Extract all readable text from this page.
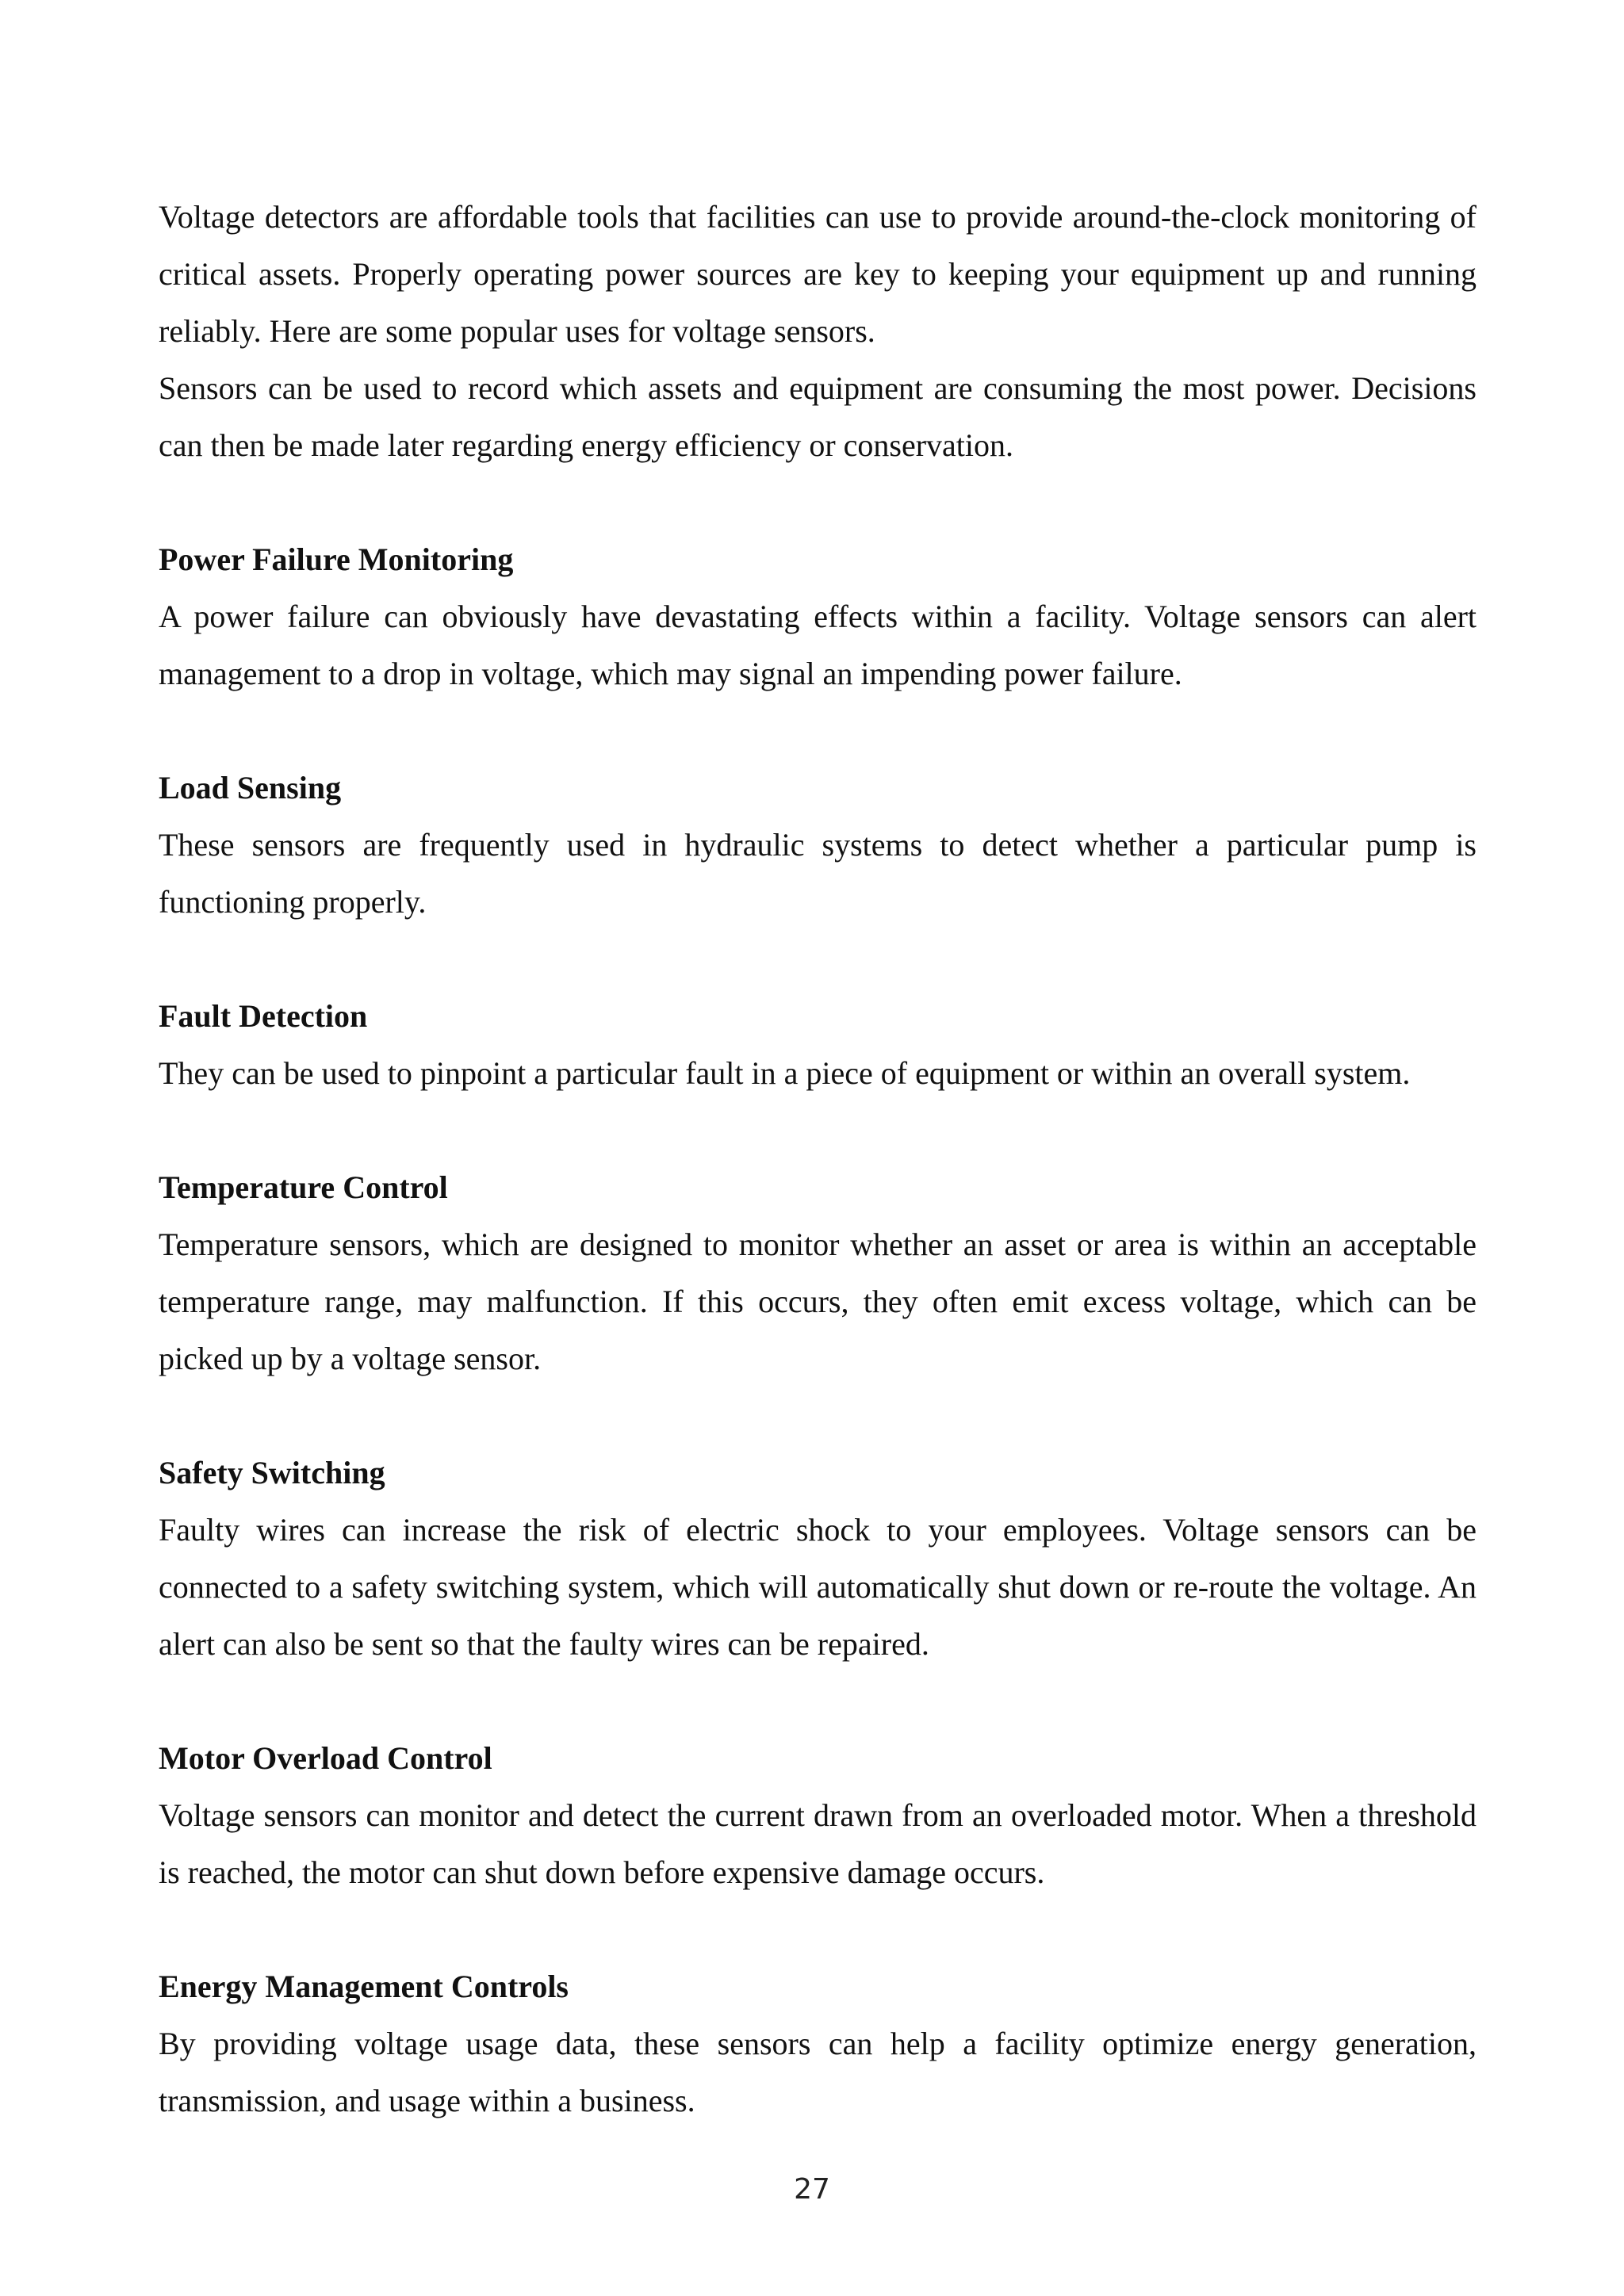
Voltage detectors are affordable tools that facilities can use to provide around-the-clock monitoring of critical assets. Properly operating power sources are key to keeping your equipment up and running reliably. Here are some popular uses for voltage sensors.

Sensors can be used to record which assets and equipment are consuming the most power. Decisions can then be made later regarding energy efficiency or conservation.

Power Failure Monitoring

A power failure can obviously have devastating effects within a facility. Voltage sensors can alert management to a drop in voltage, which may signal an impending power failure.

Load Sensing

These sensors are frequently used in hydraulic systems to detect whether a particular pump is functioning properly.

Fault Detection

They can be used to pinpoint a particular fault in a piece of equipment or within an overall system.

Temperature Control

Temperature sensors, which are designed to monitor whether an asset or area is within an acceptable temperature range, may malfunction. If this occurs, they often emit excess voltage, which can be picked up by a voltage sensor.

Safety Switching

Faulty wires can increase the risk of electric shock to your employees. Voltage sensors can be connected to a safety switching system, which will automatically shut down or re-route the voltage. An alert can also be sent so that the faulty wires can be repaired.

Motor Overload Control

Voltage sensors can monitor and detect the current drawn from an overloaded motor. When a threshold is reached, the motor can shut down before expensive damage occurs.

Energy Management Controls

By providing voltage usage data, these sensors can help a facility optimize energy generation, transmission, and usage within a business.

27
